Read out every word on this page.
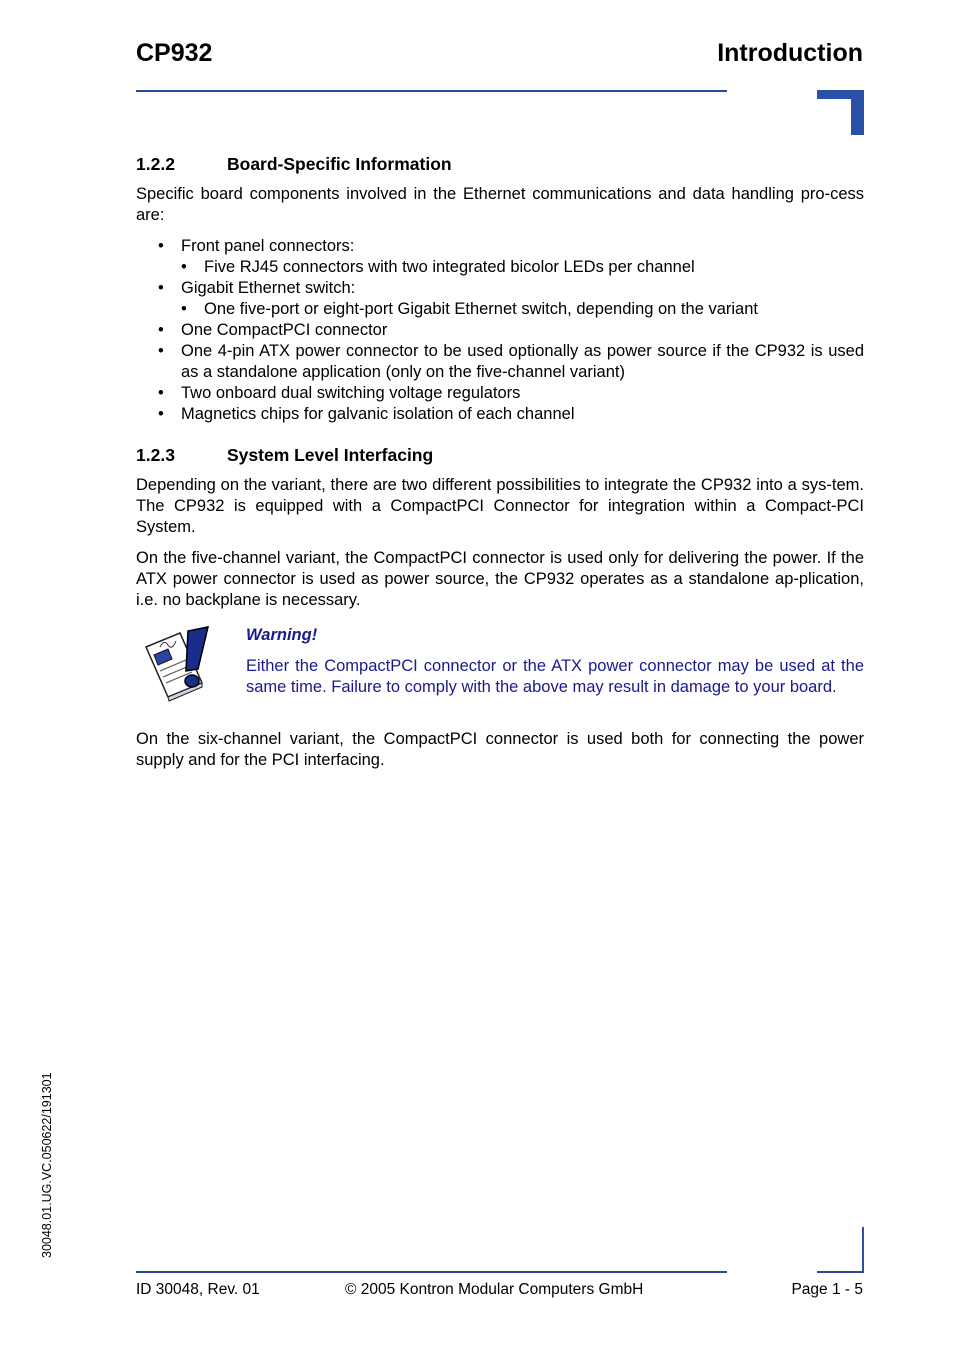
CP932	Introduction
1.2.2	Board-Specific Information

Specific board components involved in the Ethernet communications and data handling pro-cess are:

• Front panel connectors:
• Five RJ45 connectors with two integrated bicolor LEDs per channel
• Gigabit Ethernet switch:
• One five-port or eight-port Gigabit Ethernet switch, depending on the variant
• One CompactPCI connector
• One 4-pin ATX power connector to be used optionally as power source if the CP932 is used as a standalone application (only on the five-channel variant)
• Two onboard dual switching voltage regulators
• Magnetics chips for galvanic isolation of each channel
1.2.3	System Level Interfacing

Depending on the variant, there are two different possibilities to integrate the CP932 into a sys-tem. The CP932 is equipped with a CompactPCI Connector for integration within a Compact-PCI System.

On the five-channel variant, the CompactPCI connector is used only for delivering the power. If the ATX power connector is used as power source, the CP932 operates as a standalone ap-plication, i.e. no backplane is necessary.

Warning!

Either the CompactPCI connector or the ATX power connector may be used at the same time. Failure to comply with the above may result in damage to your board.

On the six-channel variant, the CompactPCI connector is used both for connecting the power supply and for the PCI interfacing.

30048.01.UG.VC.050622/191301
ID 30048, Rev. 01	© 2005 Kontron Modular Computers GmbH	Page 1 - 5
